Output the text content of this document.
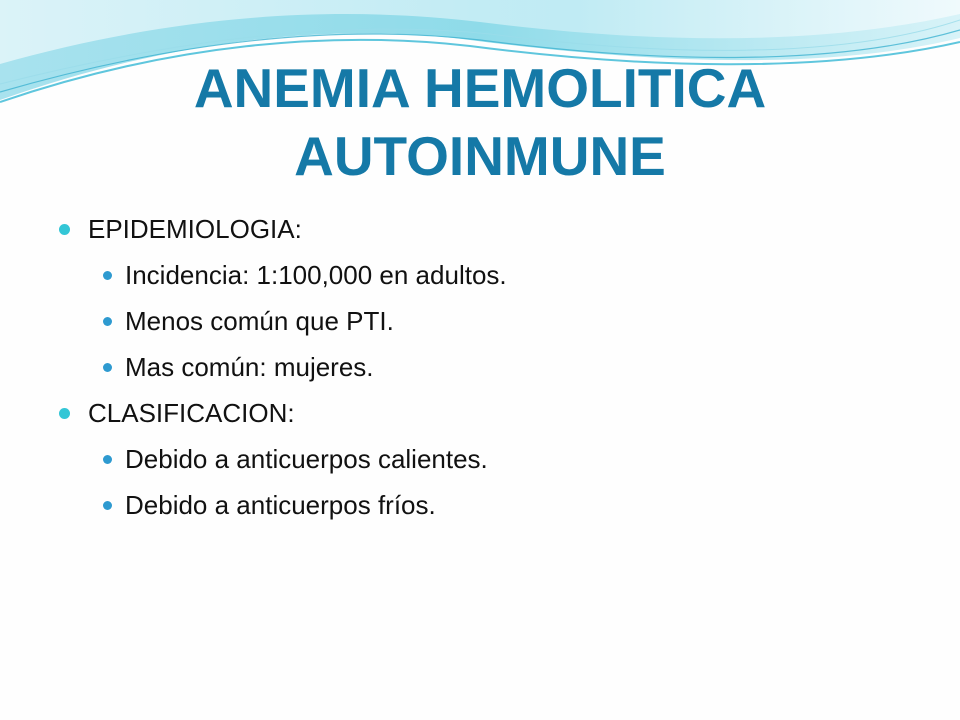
ANEMIA HEMOLITICA
AUTOINMUNE
EPIDEMIOLOGIA:
Incidencia: 1:100,000 en adultos.
Menos común que PTI.
Mas común: mujeres.
CLASIFICACION:
Debido a anticuerpos calientes.
Debido a anticuerpos fríos.
